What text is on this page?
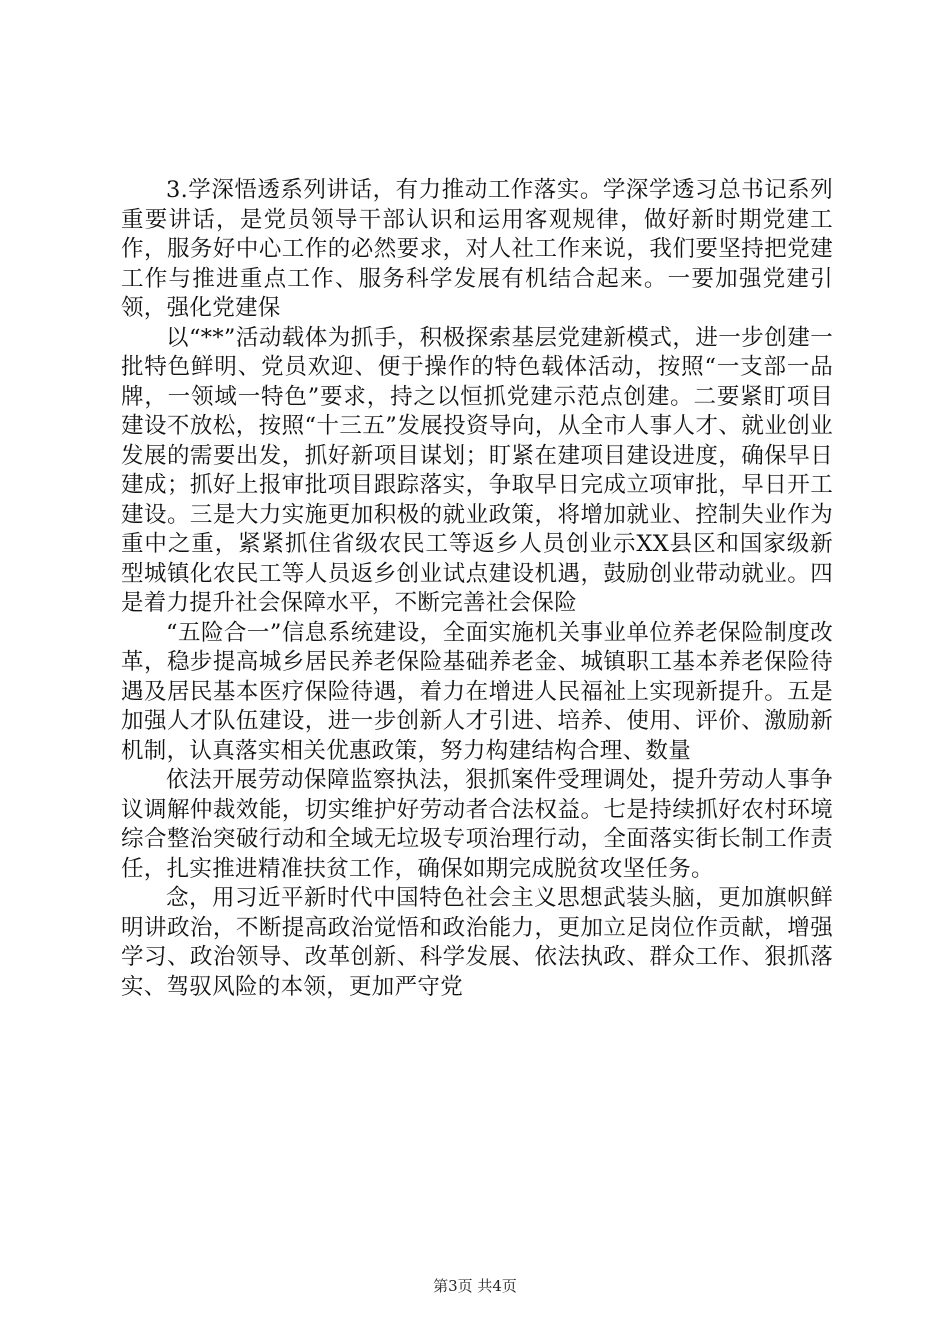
3.学深悟透系列讲话，有力推动工作落实。学深学透习总书记系列重要讲话，是党员领导干部认识和运用客观规律，做好新时期党建工作，服务好中心工作的必然要求，对人社工作来说，我们要坚持把党建工作与推进重点工作、服务科学发展有机结合起来。一要加强党建引领，强化党建保

以“**”活动载体为抓手，积极探索基层党建新模式，进一步创建一批特色鲜明、党员欢迎、便于操作的特色载体活动，按照“一支部一品牌，一领域一特色”要求，持之以恒抓党建示范点创建。二要紧盯项目建设不放松，按照“十三五”发展投资导向，从全市人事人才、就业创业发展的需要出发，抓好新项目谋划；盯紧在建项目建设进度，确保早日建成；抓好上报审批项目跟踪落实，争取早日完成立项审批，早日开工建设。三是大力实施更加积极的就业政策，将增加就业、控制失业作为重中之重，紧紧抓住省级农民工等返乡人员创业示XX县区和国家级新型城镇化农民工等人员返乡创业试点建设机遇，鼓励创业带动就业。四是着力提升社会保障水平，不断完善社会保险

“五险合一”信息系统建设，全面实施机关事业单位养老保险制度改革，稳步提高城乡居民养老保险基础养老金、城镇职工基本养老保险待遇及居民基本医疗保险待遇，着力在增进人民福祉上实现新提升。五是加强人才队伍建设，进一步创新人才引进、培养、使用、评价、激励新机制，认真落实相关优惠政策，努力构建结构合理、数量

依法开展劳动保障监察执法，狠抓案件受理调处，提升劳动人事争议调解仲裁效能，切实维护好劳动者合法权益。七是持续抓好农村环境综合整治突破行动和全域无垃圾专项治理行动，全面落实街长制工作责任，扎实推进精准扶贫工作，确保如期完成脱贫攻坚任务。

念，用习近平新时代中国特色社会主义思想武装头脑，更加旗帜鲜明讲政治，不断提高政治觉悟和政治能力，更加立足岗位作贡献，增强学习、政治领导、改革创新、科学发展、依法执政、群众工作、狠抓落实、驾驭风险的本领，更加严守党

第3页 共4页
